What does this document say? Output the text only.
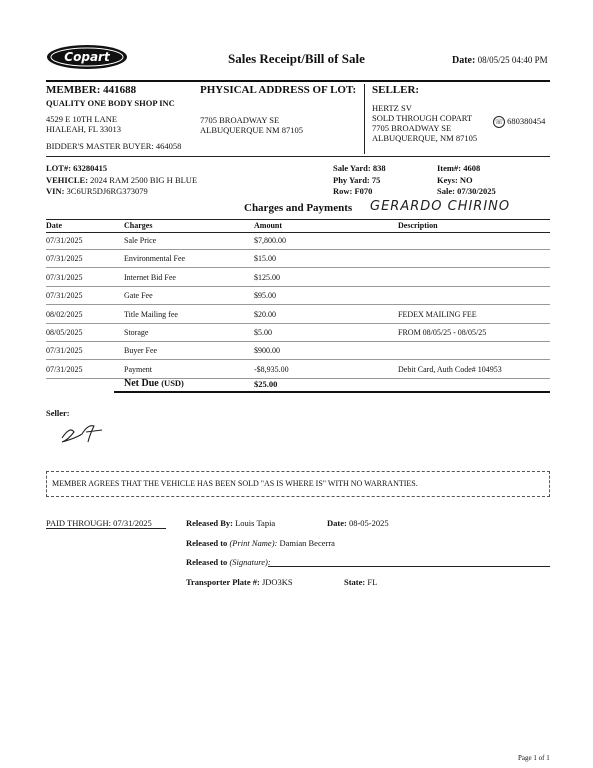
Copart	Sales Receipt/Bill of Sale	Date: 08/05/25 04:40 PM
MEMBER: 441688
QUALITY ONE BODY SHOP INC
4529 E 10TH LANE
HIALEAH, FL 33013
BIDDER'S MASTER BUYER: 464058
PHYSICAL ADDRESS OF LOT:
7705 BROADWAY SE
ALBUQUERQUE NM 87105
SELLER:
HERTZ SV
SOLD THROUGH COPART
7705 BROADWAY SE
ALBUQUERQUE, NM 87105
☏ 680380454
LOT#: 63280415
VEHICLE: 2024 RAM 2500 BIG H BLUE
VIN: 3C6UR5DJ6RG373079
Sale Yard: 838
Phy Yard: 75
Row: F070
Item#: 4608
Keys: NO
Sale: 07/30/2025
Charges and Payments GERARDO CHIRINO
Date	Charges	Amount	Description
07/31/2025	Sale Price	$7,800.00
07/31/2025	Environmental Fee	$15.00
07/31/2025	Internet Bid Fee	$125.00
07/31/2025	Gate Fee	$95.00
08/02/2025	Title Mailing fee	$20.00	FEDEX MAILING FEE
08/05/2025	Storage	$5.00	FROM 08/05/25 - 08/05/25
07/31/2025	Buyer Fee	$900.00
07/31/2025	Payment	-$8,935.00	Debit Card, Auth Code# 104953
Net Due (USD)	$25.00
Seller:
MEMBER AGREES THAT THE VEHICLE HAS BEEN SOLD "AS IS WHERE IS" WITH NO WARRANTIES.
PAID THROUGH: 07/31/2025	Released By: Louis Tapia	Date: 08-05-2025
Released to (Print Name): Damian Becerra
Released to (Signature):
Transporter Plate #: JDO3KS	State: FL
Page 1 of 1
